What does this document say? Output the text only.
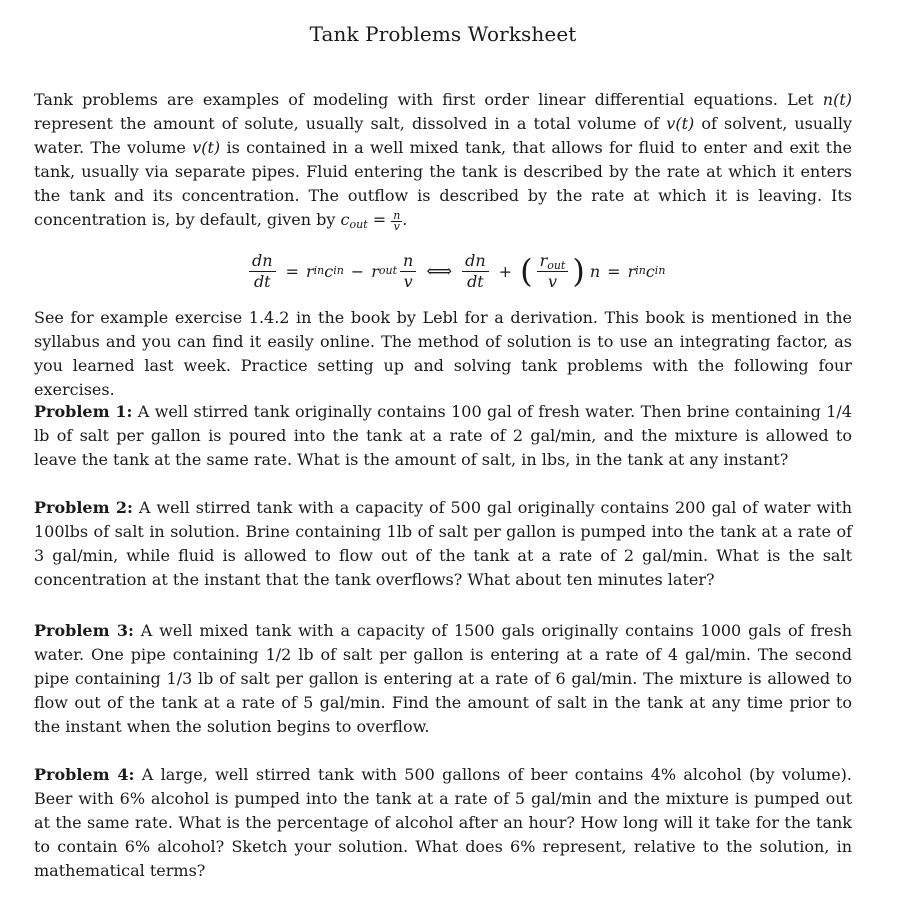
Tank Problems Worksheet
Tank problems are examples of modeling with first order linear differential equations. Let n(t) represent the amount of solute, usually salt, dissolved in a total volume of v(t) of solvent, usually water. The volume v(t) is contained in a well mixed tank, that allows for fluid to enter and exit the tank, usually via separate pipes. Fluid entering the tank is described by the rate at which it enters the tank and its concentration. The outflow is described by the rate at which it is leaving. Its concentration is, by default, given by $c_{out} = \frac{n}{v}$ .
$\frac{dn}{dt} = r$ in c in − r out $\frac{n}{v}$ ⟺ $\frac{dn}{dt}$ + ( $\frac{r_{out}}{v}$ ) n = r in c in
See for example exercise 1.4.2 in the book by Lebl for a derivation. This book is mentioned in the syllabus and you can find it easily online. The method of solution is to use an integrating factor, as you learned last week. Practice setting up and solving tank problems with the following four exercises.
Problem 1: A well stirred tank originally contains 100 gal of fresh water. Then brine containing 1/4 lb of salt per gallon is poured into the tank at a rate of 2 gal/min, and the mixture is allowed to leave the tank at the same rate. What is the amount of salt, in lbs, in the tank at any instant?
Problem 2: A well stirred tank with a capacity of 500 gal originally contains 200 gal of water with 100lbs of salt in solution. Brine containing 1lb of salt per gallon is pumped into the tank at a rate of 3 gal/min, while fluid is allowed to flow out of the tank at a rate of 2 gal/min. What is the salt concentration at the instant that the tank overflows? What about ten minutes later?
Problem 3: A well mixed tank with a capacity of 1500 gals originally contains 1000 gals of fresh water. One pipe containing 1/2 lb of salt per gallon is entering at a rate of 4 gal/min. The second pipe containing 1/3 lb of salt per gallon is entering at a rate of 6 gal/min. The mixture is allowed to flow out of the tank at a rate of 5 gal/min. Find the amount of salt in the tank at any time prior to the instant when the solution begins to overflow.
Problem 4: A large, well stirred tank with 500 gallons of beer contains 4% alcohol (by volume). Beer with 6% alcohol is pumped into the tank at a rate of 5 gal/min and the mixture is pumped out at the same rate. What is the percentage of alcohol after an hour? How long will it take for the tank to contain 6% alcohol? Sketch your solution. What does 6% represent, relative to the solution, in mathematical terms?
